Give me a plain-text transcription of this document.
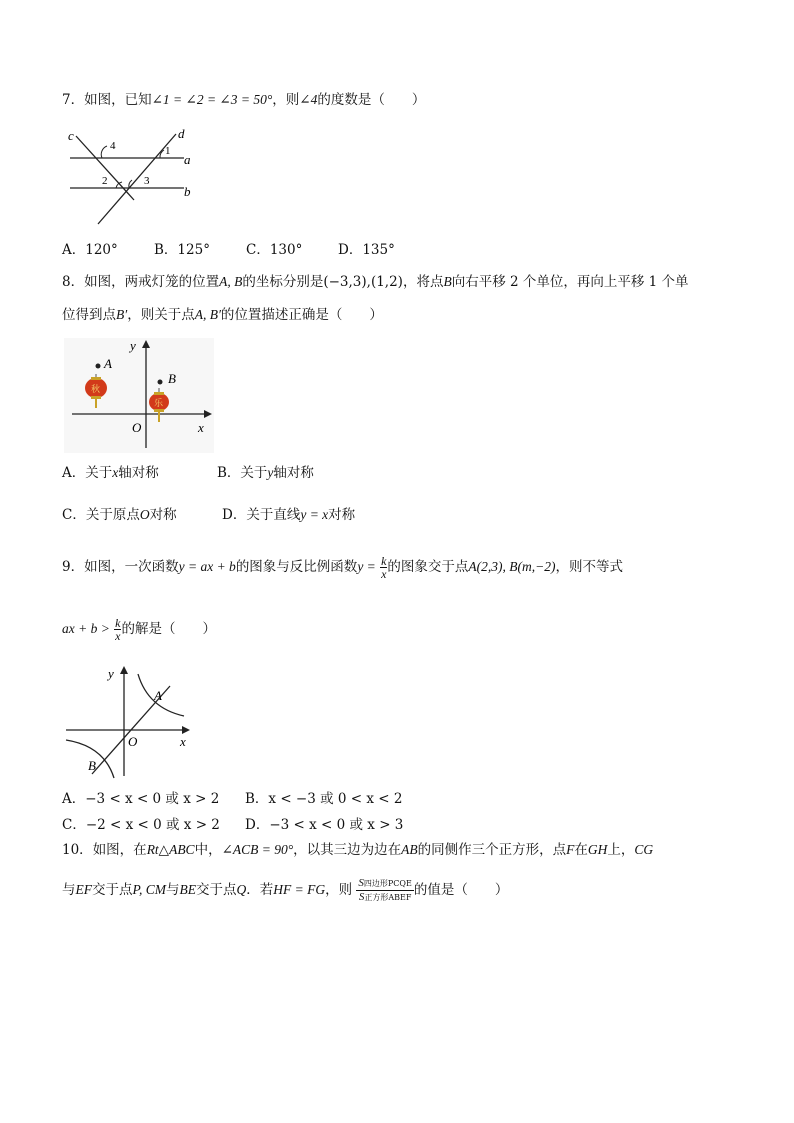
7．如图，已知∠1 = ∠2 = ∠3 = 50°，则∠4的度数是（　　）
c	d
a
b
1
2	3
4
A．120°	B．125°	C．130°	D．135°
8．如图，两戒灯笼的位置A, B的坐标分别是(−3,3),(1,2)，将点B向右平移 2 个单位，再向上平移 1 个单
位得到点B′，则关于点A, B′的位置描述正确是（　　）
y
A
B
O	x
秋
乐
A．关于x轴对称	B．关于y轴对称
C．关于原点O对称	D．关于直线y = x对称
9．如图，一次函数y = ax + b的图象与反比例函数$y = \frac{k}{x}$ 的图象交于点A(2,3), B(m,−2)，则不等式
ax + $b > \frac{k}{x}$ 的解是（　　）
y
A
O	x
B
A．−3 < x < 0 或 x > 2 B．x < −3 或 0 < x < 2
C．−2 < x < 0 或 x > 2 D．−3 < x < 0 或 x > 3
10．如图，在Rt△ABC中，∠ACB = 90°，以其三边为边在AB的同侧作三个正方形，点F在GH上，CG
与EF交于点P, CM与BE交于点Q．若HF = FG，则 $\frac{\text{S四边形PCQE}}{\text{S正方形ABEF}}$ 的值是（　　）
